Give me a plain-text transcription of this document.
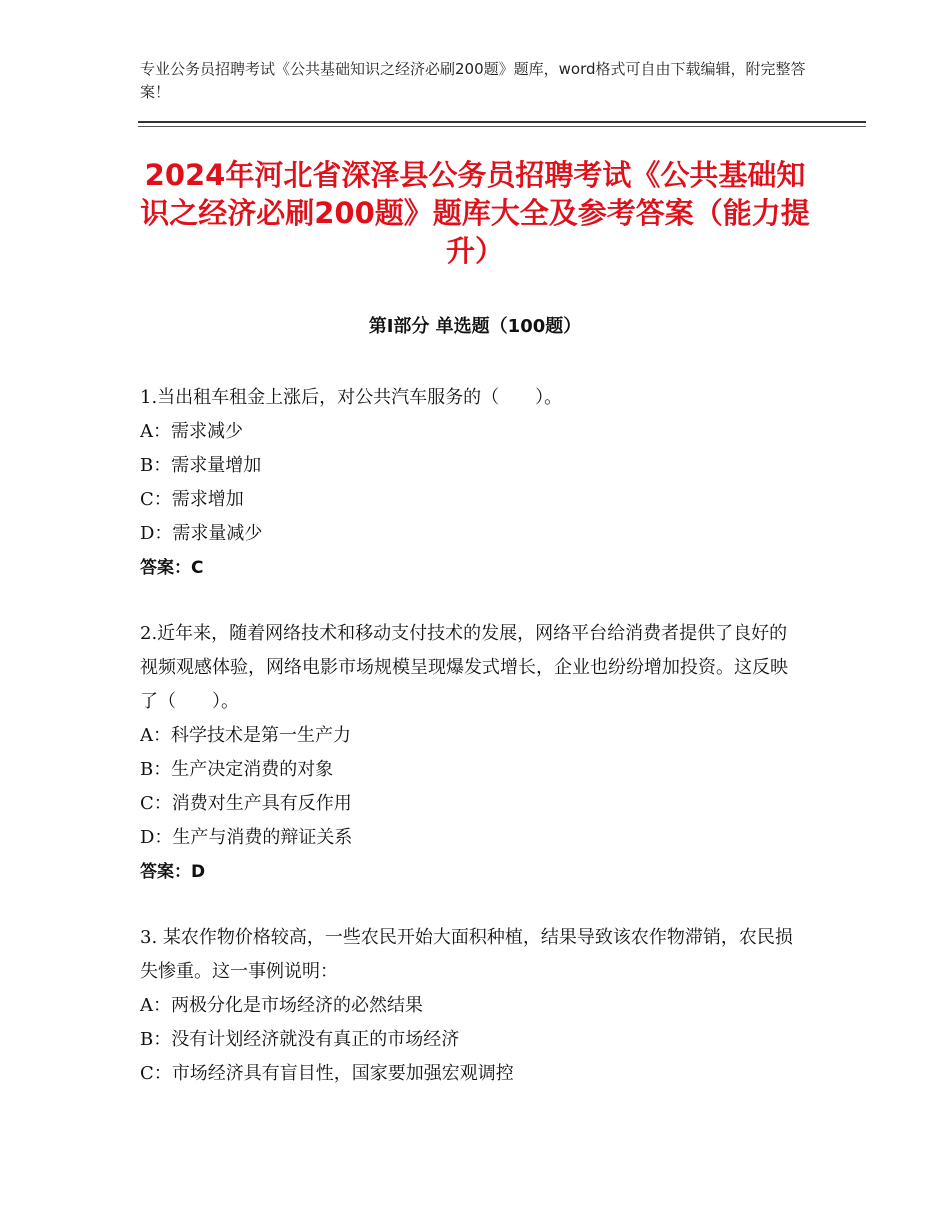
专业公务员招聘考试《公共基础知识之经济必刷200题》题库，word格式可自由下载编辑，附完整答案！
2024年河北省深泽县公务员招聘考试《公共基础知识之经济必刷200题》题库大全及参考答案（能力提升）
第Ⅰ部分 单选题（100题）

1.当出租车租金上涨后，对公共汽车服务的（　　）。

A：需求减少

B：需求量增加

C：需求增加

D：需求量减少

答案：C

2.近年来，随着网络技术和移动支付技术的发展，网络平台给消费者提供了良好的视频观感体验，网络电影市场规模呈现爆发式增长，企业也纷纷增加投资。这反映了（　　）。

A：科学技术是第一生产力

B：生产决定消费的对象

C：消费对生产具有反作用

D：生产与消费的辩证关系

答案：D

3. 某农作物价格较高，一些农民开始大面积种植，结果导致该农作物滞销，农民损失惨重。这一事例说明：

A：两极分化是市场经济的必然结果

B：没有计划经济就没有真正的市场经济

C：市场经济具有盲目性，国家要加强宏观调控
